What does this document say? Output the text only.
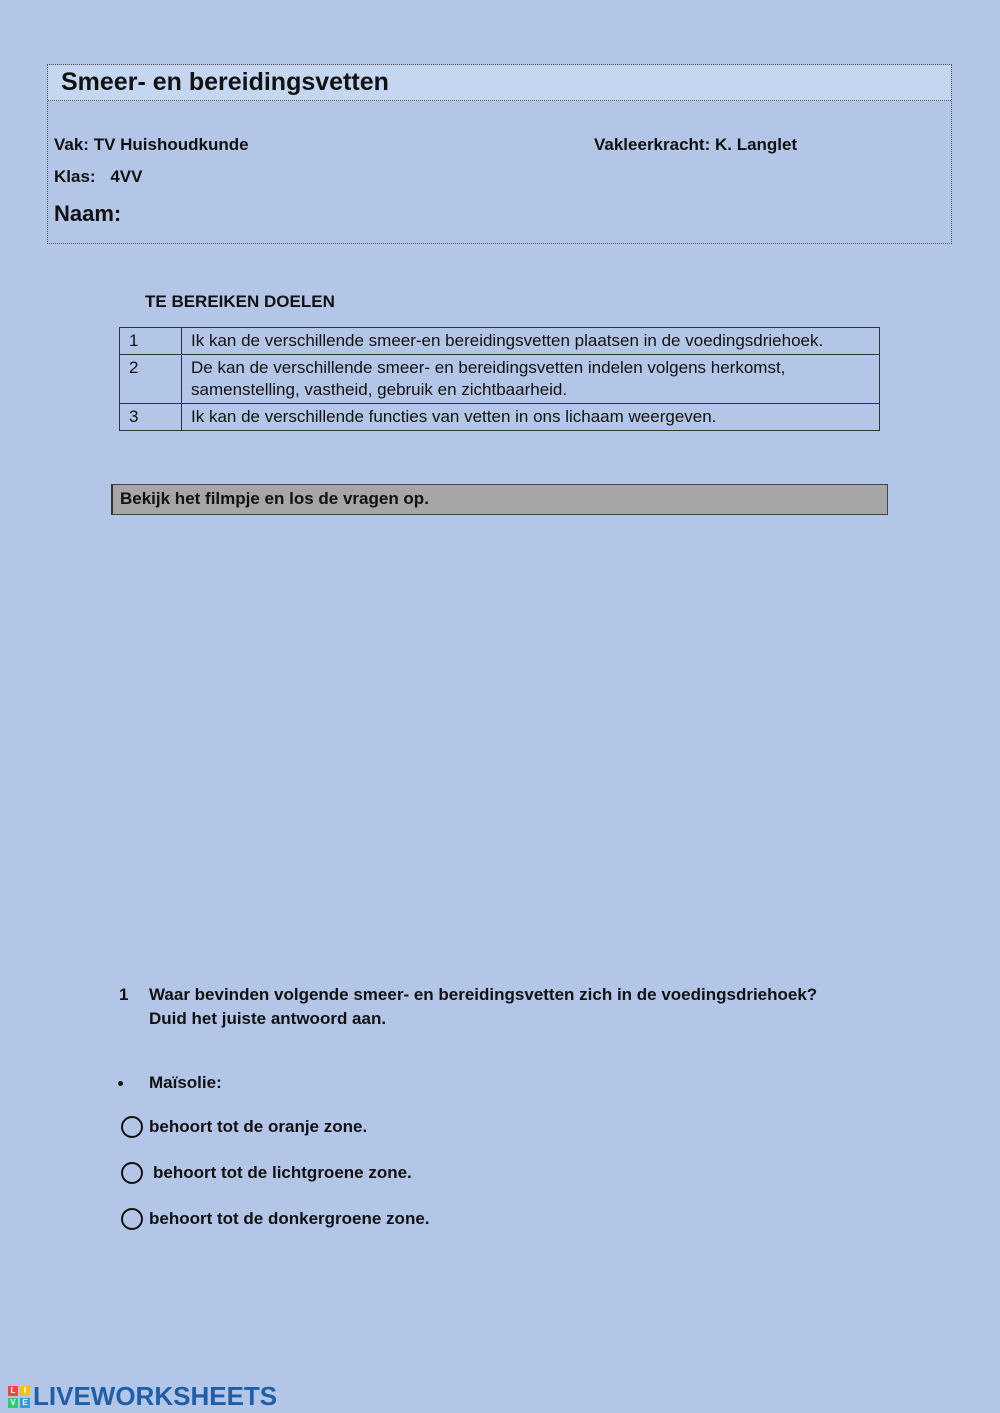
Smeer- en bereidingsvetten
Vak: TV Huishoudkunde	Vakleerkracht: K. Langlet
Klas: 4VV
Naam:
TE BEREIKEN DOELEN
1	Ik kan de verschillende smeer-en bereidingsvetten plaatsen in de voedingsdriehoek.
2	De kan de verschillende smeer- en bereidingsvetten indelen volgens herkomst, samenstelling, vastheid, gebruik en zichtbaarheid.
3	Ik kan de verschillende functies van vetten in ons lichaam weergeven.
Bekijk het filmpje en los de vragen op.
1 Waar bevinden volgende smeer- en bereidingsvetten zich in de voedingsdriehoek?
Duid het juiste antwoord aan.
Maïsolie:
behoort tot de oranje zone.
behoort tot de lichtgroene zone.
behoort tot de donkergroene zone.
L	I
V E LIVEWORKSHEETS
